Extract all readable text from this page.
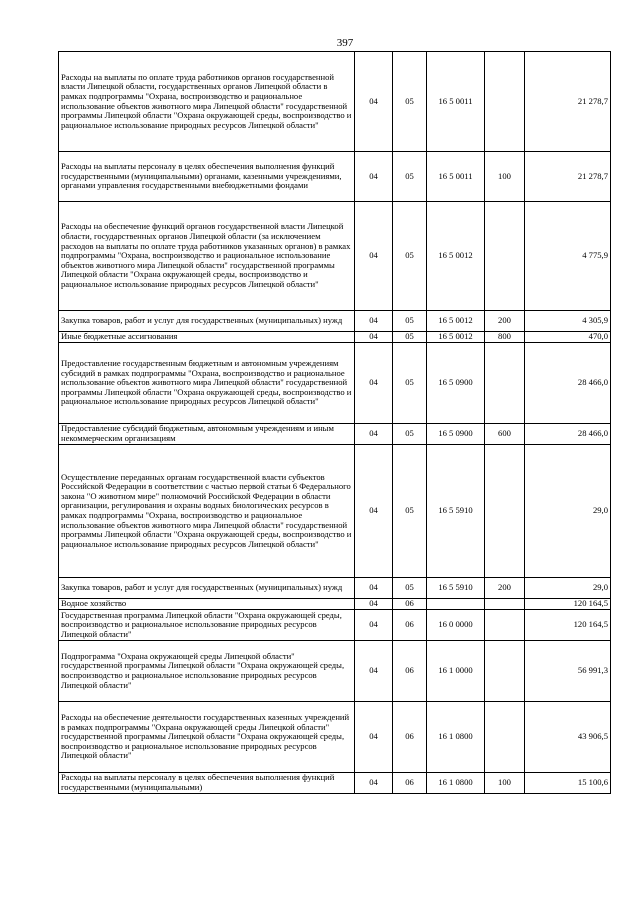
397
Расходы на выплаты по оплате труда работников органов государственной власти Липецкой области, государственных органов Липецкой области в рамках подпрограммы "Охрана, воспроизводство и рациональное использование объектов животного мира Липецкой области" государственной программы Липецкой области "Охрана окружающей среды, воспроизводство и рациональное использование природных ресурсов Липецкой области"	04	05	16 5 0011		21 278,7
Расходы на выплаты персоналу в целях обеспечения выполнения функций государственными (муниципальными) органами, казенными учреждениями, органами управления государственными внебюджетными фондами	04	05	16 5 0011	100	21 278,7
Расходы на обеспечение функций органов государственной власти Липецкой области, государственных органов Липецкой области (за исключением расходов на выплаты по оплате труда работников указанных органов) в рамках подпрограммы "Охрана, воспроизводство и рациональное использование объектов животного мира Липецкой области" государственной программы Липецкой области "Охрана окружающей среды, воспроизводство и рациональное использование природных ресурсов Липецкой области"	04	05	16 5 0012		4 775,9
Закупка товаров, работ и услуг для государственных (муниципальных) нужд	04	05	16 5 0012	200	4 305,9
Иные бюджетные ассигнования	04	05	16 5 0012	800	470,0
Предоставление государственным бюджетным и автономным учреждениям субсидий в рамках подпрограммы "Охрана, воспроизводство и рациональное использование объектов животного мира Липецкой области" государственной программы Липецкой области "Охрана окружающей среды, воспроизводство и рациональное использование природных ресурсов Липецкой области"	04	05	16 5 0900		28 466,0
Предоставление субсидий бюджетным, автономным учреждениям и иным некоммерческим организациям	04	05	16 5 0900	600	28 466,0
Осуществление переданных органам государственной власти субъектов Российской Федерации в соответствии с частью первой статьи 6 Федерального закона "О животном мире" полномочий Российской Федерации в области организации, регулирования и охраны водных биологических ресурсов в рамках подпрограммы "Охрана, воспроизводство и рациональное использование объектов животного мира Липецкой области" государственной программы Липецкой области "Охрана окружающей среды, воспроизводство и рациональное использование природных ресурсов Липецкой области"	04	05	16 5 5910		29,0
Закупка товаров, работ и услуг для государственных (муниципальных) нужд	04	05	16 5 5910	200	29,0
Водное хозяйство	04	06			120 164,5
Государственная программа Липецкой области "Охрана окружающей среды, воспроизводство и рациональное использование природных ресурсов Липецкой области"	04	06	16 0 0000		120 164,5
Подпрограмма "Охрана окружающей среды Липецкой области" государственной программы Липецкой области "Охрана окружающей среды, воспроизводство и рациональное использование природных ресурсов Липецкой области"	04	06	16 1 0000		56 991,3
Расходы на обеспечение деятельности государственных казенных учреждений в рамках подпрограммы "Охрана окружающей среды Липецкой области" государственной программы Липецкой области "Охрана окружающей среды, воспроизводство и рациональное использование природных ресурсов Липецкой области"	04	06	16 1 0800		43 906,5
Расходы на выплаты персоналу в целях обеспечения выполнения функций государственными (муниципальными)	04	06	16 1 0800	100	15 100,6
